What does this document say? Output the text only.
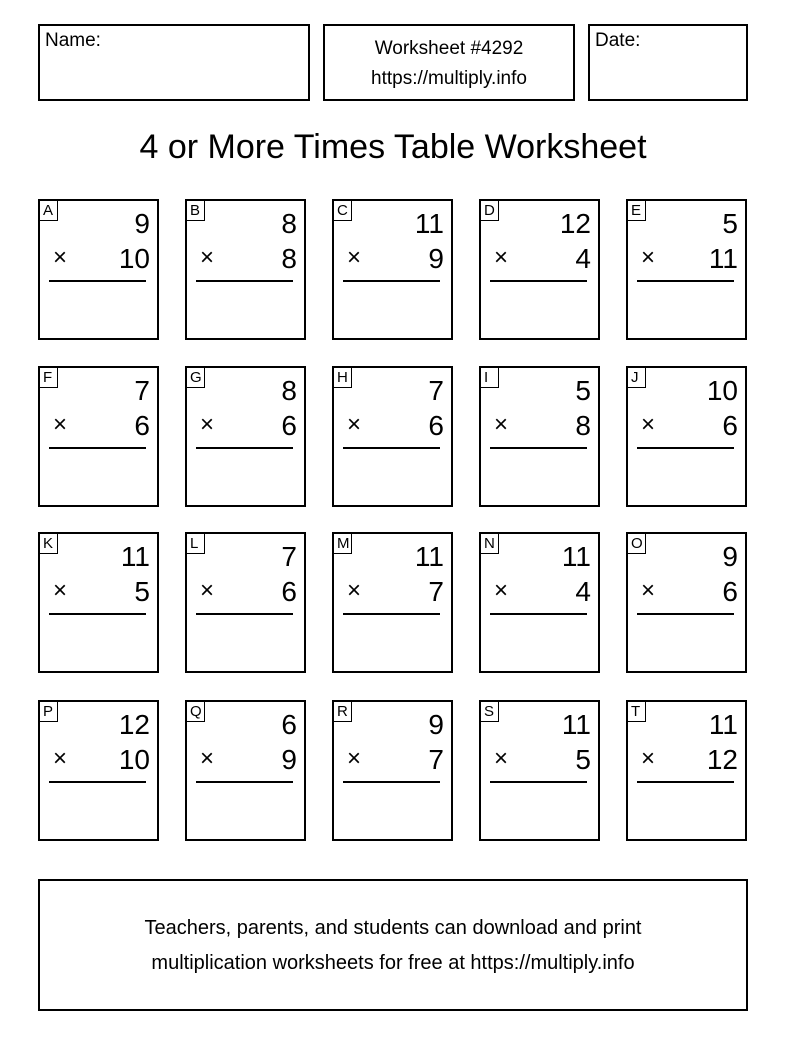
Name:	Worksheet #4292
https://multiply.info
Date:
4 or More Times Table Worksheet
A	9
× 10
B	8
× 8
C 11
× 9
D 12
× 4
E	5
× 11
F	7
× 6
G	8
× 6
H	7
× 6
I	5
× 8
J 10
× 6
K 11
× 5
L	7
× 6
M 11
× 7
N 11
× 4
O	9
× 6
P 12
× 10
Q	6
× 9
R	9
× 7
S 11
× 5
T 11
× 12
Teachers, parents, and students can download and print
multiplication worksheets for free at https://multiply.info
